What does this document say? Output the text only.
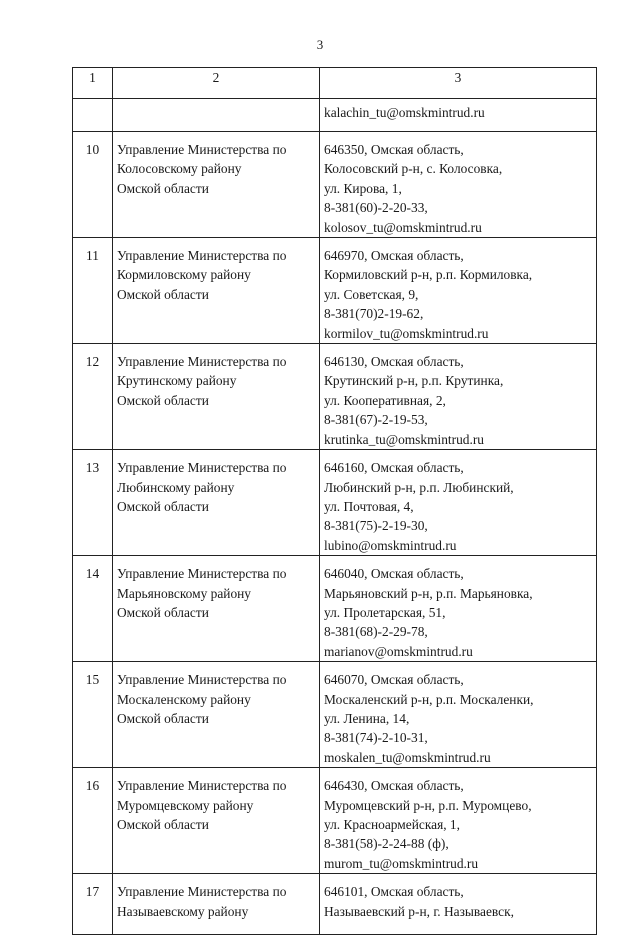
3
1	2	3

		kalachin_tu@omskmintrud.ru

10	Управление Министерства по
Колосовскому району
Омской области	646350, Омская область,
Колосовский р-н, с. Колосовка,
ул. Кирова, 1,
8-381(60)-2-20-33,
kolosov_tu@omskmintrud.ru

11	Управление Министерства по
Кормиловскому району
Омской области	646970, Омская область,
Кормиловский р-н, р.п. Кормиловка,
ул. Советская, 9,
8-381(70)2-19-62,
kormilov_tu@omskmintrud.ru

12	Управление Министерства по
Крутинскому району
Омской области	646130, Омская область,
Крутинский р-н, р.п. Крутинка,
ул. Кооперативная, 2,
8-381(67)-2-19-53,
krutinka_tu@omskmintrud.ru

13	Управление Министерства по
Любинскому району
Омской области	646160, Омская область,
Любинский р-н, р.п. Любинский,
ул. Почтовая, 4,
8-381(75)-2-19-30,
lubino@omskmintrud.ru

14	Управление Министерства по
Марьяновскому району
Омской области	646040, Омская область,
Марьяновский р-н, р.п. Марьяновка,
ул. Пролетарская, 51,
8-381(68)-2-29-78,
marianov@omskmintrud.ru

15	Управление Министерства по
Москаленскому району
Омской области	646070, Омская область,
Москаленский р-н, р.п. Москаленки,
ул. Ленина, 14,
8-381(74)-2-10-31,
moskalen_tu@omskmintrud.ru

16	Управление Министерства по
Муромцевскому району
Омской области	646430, Омская область,
Муромцевский р-н, р.п. Муромцево,
ул. Красноармейская, 1,
8-381(58)-2-24-88 (ф),
murom_tu@omskmintrud.ru

17	Управление Министерства по
Называевскому району	646101, Омская область,
Называевский р-н, г. Называевск,
